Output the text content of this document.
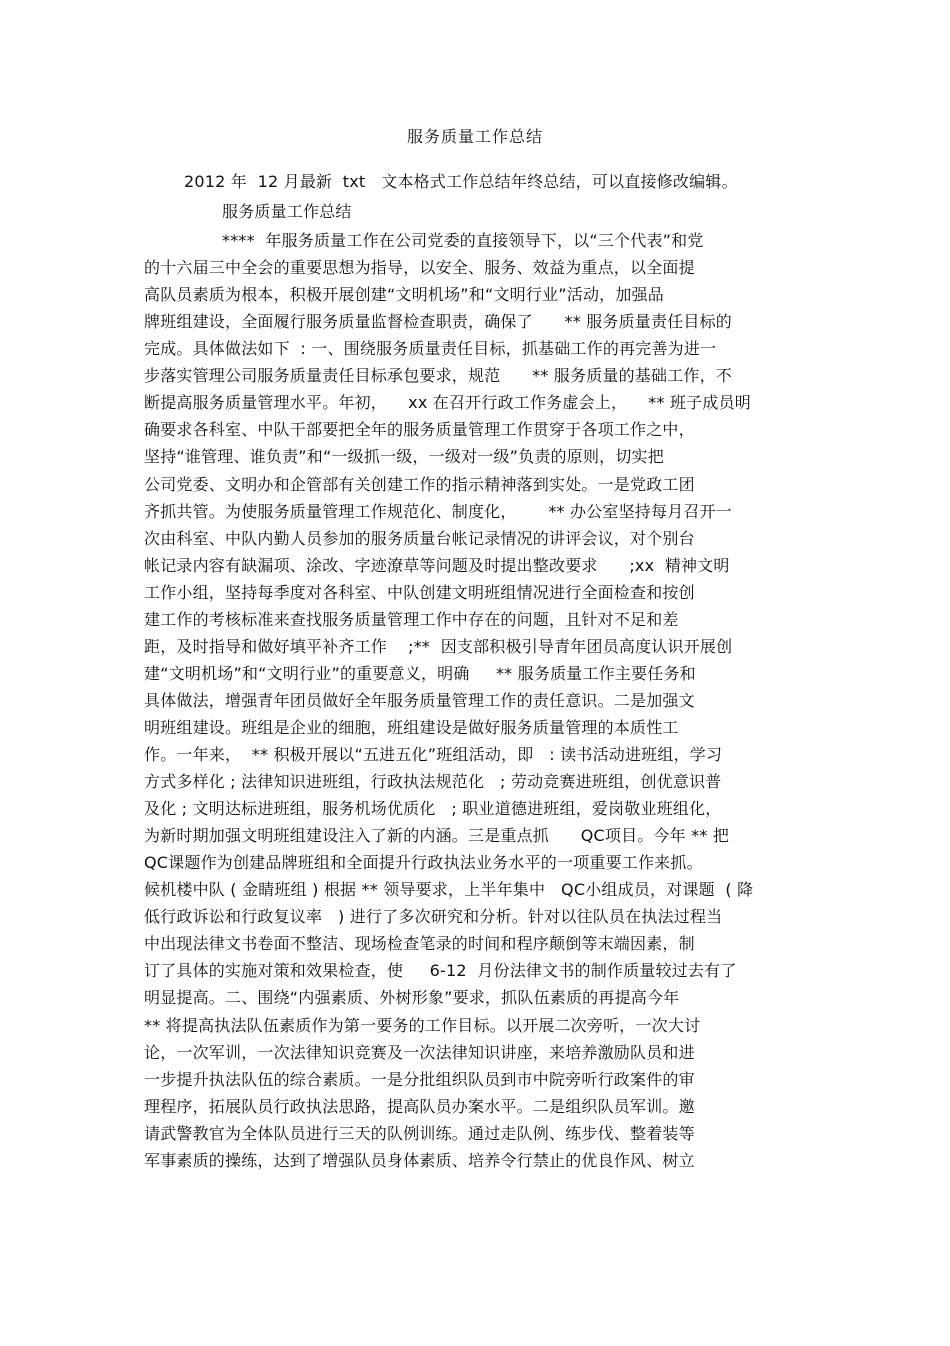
服务质量工作总结
2012 年  12 月最新  txt   文本格式工作总结年终总结，可以直接修改编辑。
服务质量工作总结
****  年服务质量工作在公司党委的直接领导下，以“三个代表”和党
的十六届三中全会的重要思想为指导，以安全、服务、效益为重点，以全面提
高队员素质为根本，积极开展创建“文明机场”和“文明行业”活动，加强品
牌班组建设，全面履行服务质量监督检查职责，确保了      ** 服务质量责任目标的
完成。具体做法如下  : 一、围绕服务质量责任目标，抓基础工作的再完善为进一
步落实管理公司服务质量责任目标承包要求，规范      ** 服务质量的基础工作，不
断提高服务质量管理水平。年初，    xx 在召开行政工作务虚会上，    ** 班子成员明
确要求各科室、中队干部要把全年的服务质量管理工作贯穿于各项工作之中，
坚持“谁管理、谁负责”和“一级抓一级，一级对一级”负责的原则，切实把
公司党委、文明办和企管部有关创建工作的指示精神落到实处。一是党政工团
齐抓共管。为使服务质量管理工作规范化、制度化，      ** 办公室坚持每月召开一
次由科室、中队内勤人员参加的服务质量台帐记录情况的讲评会议，对个别台
帐记录内容有缺漏项、涂改、字迹潦草等问题及时提出整改要求      ;xx  精神文明
工作小组，坚持每季度对各科室、中队创建文明班组情况进行全面检查和按创
建工作的考核标准来查找服务质量管理工作中存在的问题，且针对不足和差
距，及时指导和做好填平补齐工作    ;**  因支部积极引导青年团员高度认识开展创
建“文明机场”和“文明行业”的重要意义，明确     ** 服务质量工作主要任务和
具体做法，增强青年团员做好全年服务质量管理工作的责任意识。二是加强文
明班组建设。班组是企业的细胞，班组建设是做好服务质量管理的本质性工
作。一年来，  ** 积极开展以“五进五化”班组活动，即   : 读书活动进班组，学习
方式多样化 ; 法律知识进班组，行政执法规范化   ; 劳动竞赛进班组，创优意识普
及化 ; 文明达标进班组，服务机场优质化   ; 职业道德进班组，爱岗敬业班组化，
为新时期加强文明班组建设注入了新的内涵。三是重点抓      QC项目。今年 ** 把
QC课题作为创建品牌班组和全面提升行政执法业务水平的一项重要工作来抓。
候机楼中队 ( 金睛班组 ) 根据 ** 领导要求，上半年集中   QC小组成员，对课题  ( 降
低行政诉讼和行政复议率   ) 进行了多次研究和分析。针对以往队员在执法过程当
中出现法律文书卷面不整洁、现场检查笔录的时间和程序颠倒等末端因素，制
订了具体的实施对策和效果检查，使     6-12  月份法律文书的制作质量较过去有了
明显提高。二、围绕“内强素质、外树形象”要求，抓队伍素质的再提高今年
** 将提高执法队伍素质作为第一要务的工作目标。以开展二次旁听，一次大讨
论，一次军训，一次法律知识竞赛及一次法律知识讲座，来培养激励队员和进
一步提升执法队伍的综合素质。一是分批组织队员到市中院旁听行政案件的审
理程序，拓展队员行政执法思路，提高队员办案水平。二是组织队员军训。邀
请武警教官为全体队员进行三天的队例训练。通过走队例、练步伐、整着装等
军事素质的操练，达到了增强队员身体素质、培养令行禁止的优良作风、树立
